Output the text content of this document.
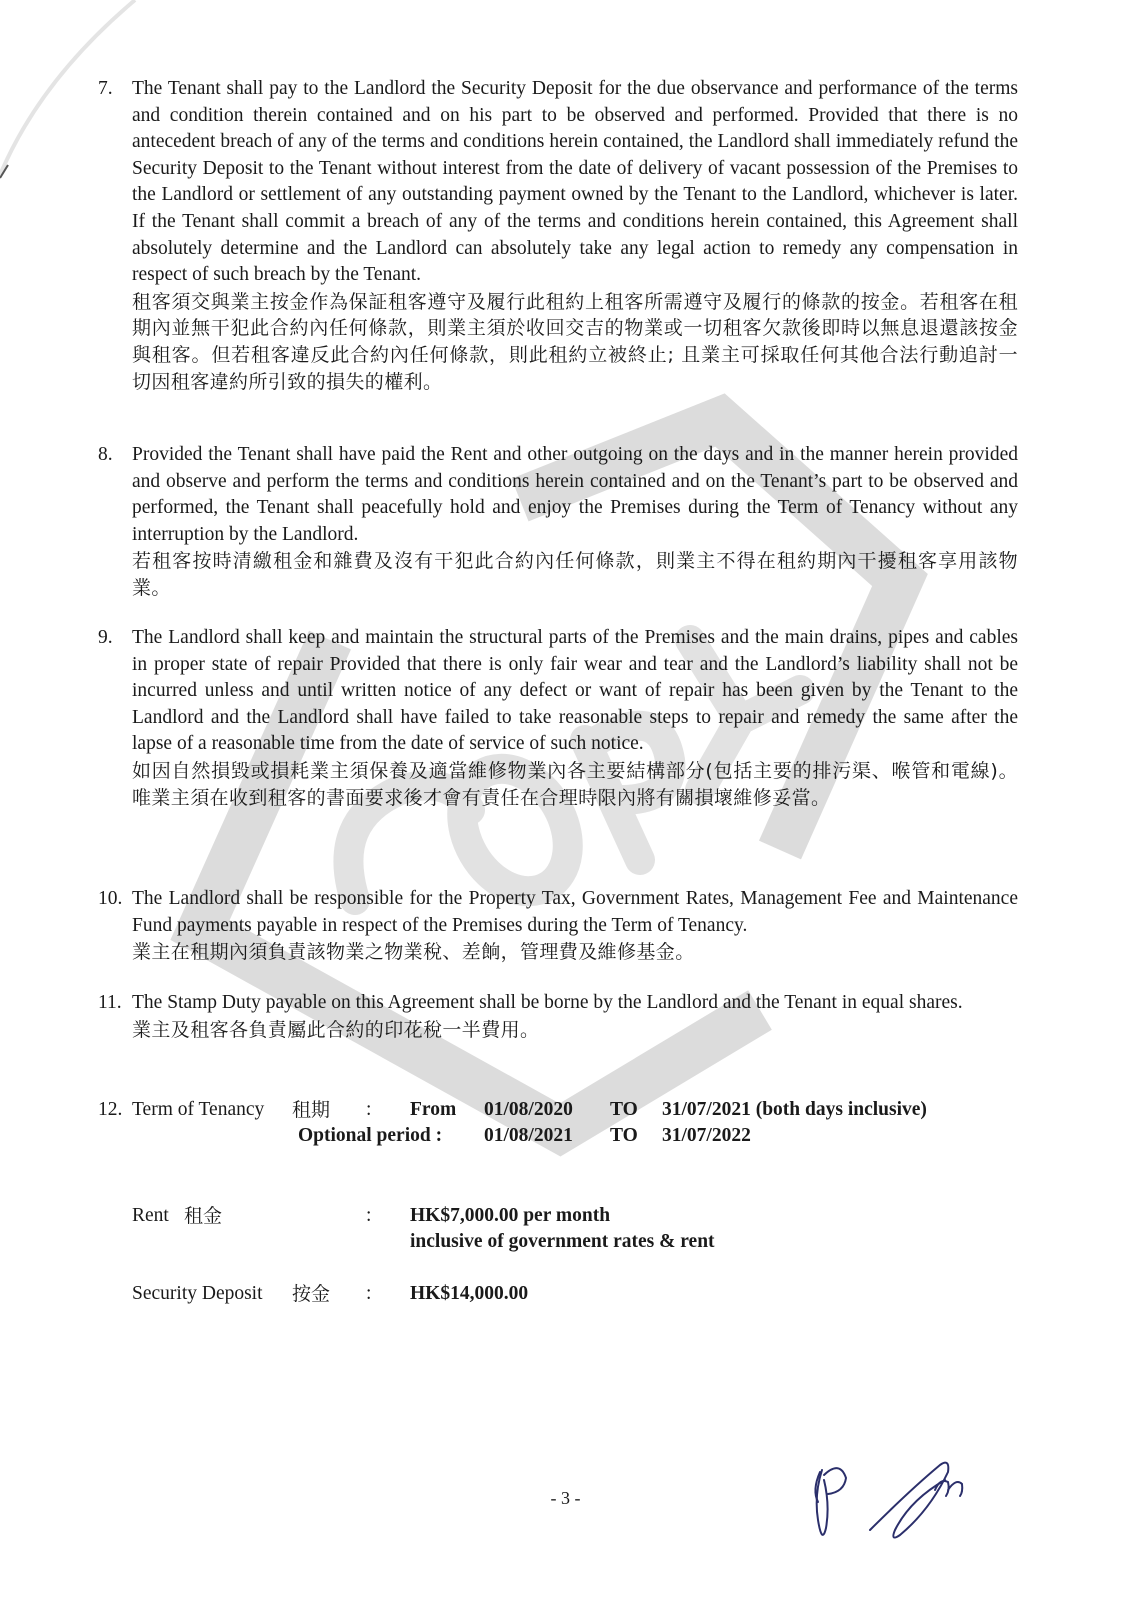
7. The Tenant shall pay to the Landlord the Security Deposit for the due observance and performance of the terms and condition therein contained and on his part to be observed and performed. Provided that there is no antecedent breach of any of the terms and conditions herein contained, the Landlord shall immediately refund the Security Deposit to the Tenant without interest from the date of delivery of vacant possession of the Premises to the Landlord or settlement of any outstanding payment owned by the Tenant to the Landlord, whichever is later. If the Tenant shall commit a breach of any of the terms and conditions herein contained, this Agreement shall absolutely determine and the Landlord can absolutely take any legal action to remedy any compensation in respect of such breach by the Tenant.

租客須交與業主按金作為保証租客遵守及履行此租約上租客所需遵守及履行的條款的按金。若租客在租期內並無干犯此合約內任何條款，則業主須於收回交吉的物業或一切租客欠款後即時以無息退還該按金與租客。但若租客違反此合約內任何條款，則此租約立被終止; 且業主可採取任何其他合法行動追討一切因租客違約所引致的損失的權利。

8. Provided the Tenant shall have paid the Rent and other outgoing on the days and in the manner herein provided and observe and perform the terms and conditions herein contained and on the Tenant’s part to be observed and performed, the Tenant shall peacefully hold and enjoy the Premises during the Term of Tenancy without any interruption by the Landlord.

若租客按時清繳租金和雜費及沒有干犯此合約內任何條款，則業主不得在租約期內干擾租客享用該物業。

9. The Landlord shall keep and maintain the structural parts of the Premises and the main drains, pipes and cables in proper state of repair Provided that there is only fair wear and tear and the Landlord’s liability shall not be incurred unless and until written notice of any defect or want of repair has been given by the Tenant to the Landlord and the Landlord shall have failed to take reasonable steps to repair and remedy the same after the lapse of a reasonable time from the date of service of such notice.

如因自然損毀或損耗業主須保養及適當維修物業內各主要結構部分(包括主要的排污渠、喉管和電線)。唯業主須在收到租客的書面要求後才會有責任在合理時限內將有關損壞維修妥當。

10. The Landlord shall be responsible for the Property Tax, Government Rates, Management Fee and Maintenance Fund payments payable in respect of the Premises during the Term of Tenancy.

業主在租期內須負責該物業之物業稅、差餉，管理費及維修基金。

11. The Stamp Duty payable on this Agreement shall be borne by the Landlord and the Tenant in equal shares.

業主及租客各負責屬此合約的印花稅一半費用。

12. Term of Tenancy 租期 : From 01/08/2020 TO 31/07/2021 (both days inclusive)
Optional period : 01/08/2021 TO 31/07/2022
Rent 租金	: HK$7,000.00 per month
inclusive of government rates & rent
Security Deposit 按金 : HK$14,000.00
- 3 -
